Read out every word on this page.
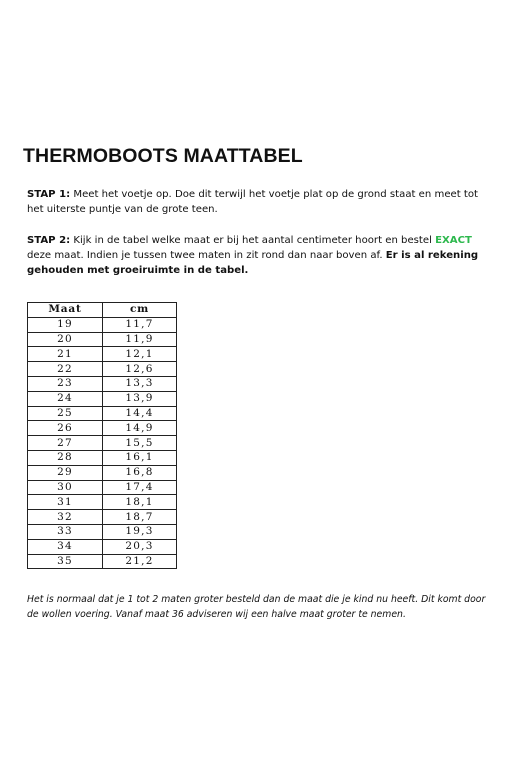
THERMOBOOTS MAATTABEL

STAP 1: Meet het voetje op. Doe dit terwijl het voetje plat op de grond staat en meet tot het uiterste puntje van de grote teen.

STAP 2: Kijk in de tabel welke maat er bij het aantal centimeter hoort en bestel EXACT deze maat. Indien je tussen twee maten in zit rond dan naar boven af. Er is al rekening gehouden met groeiruimte in de tabel.

Maat	cm
19	11,7
20	11,9
21	12,1
22	12,6
23	13,3
24	13,9
25	14,4
26	14,9
27	15,5
28	16,1
29	16,8
30	17,4
31	18,1
32	18,7
33	19,3
34	20,3
35	21,2

Het is normaal dat je 1 tot 2 maten groter besteld dan de maat die je kind nu heeft. Dit komt door de wollen voering. Vanaf maat 36 adviseren wij een halve maat groter te nemen.
